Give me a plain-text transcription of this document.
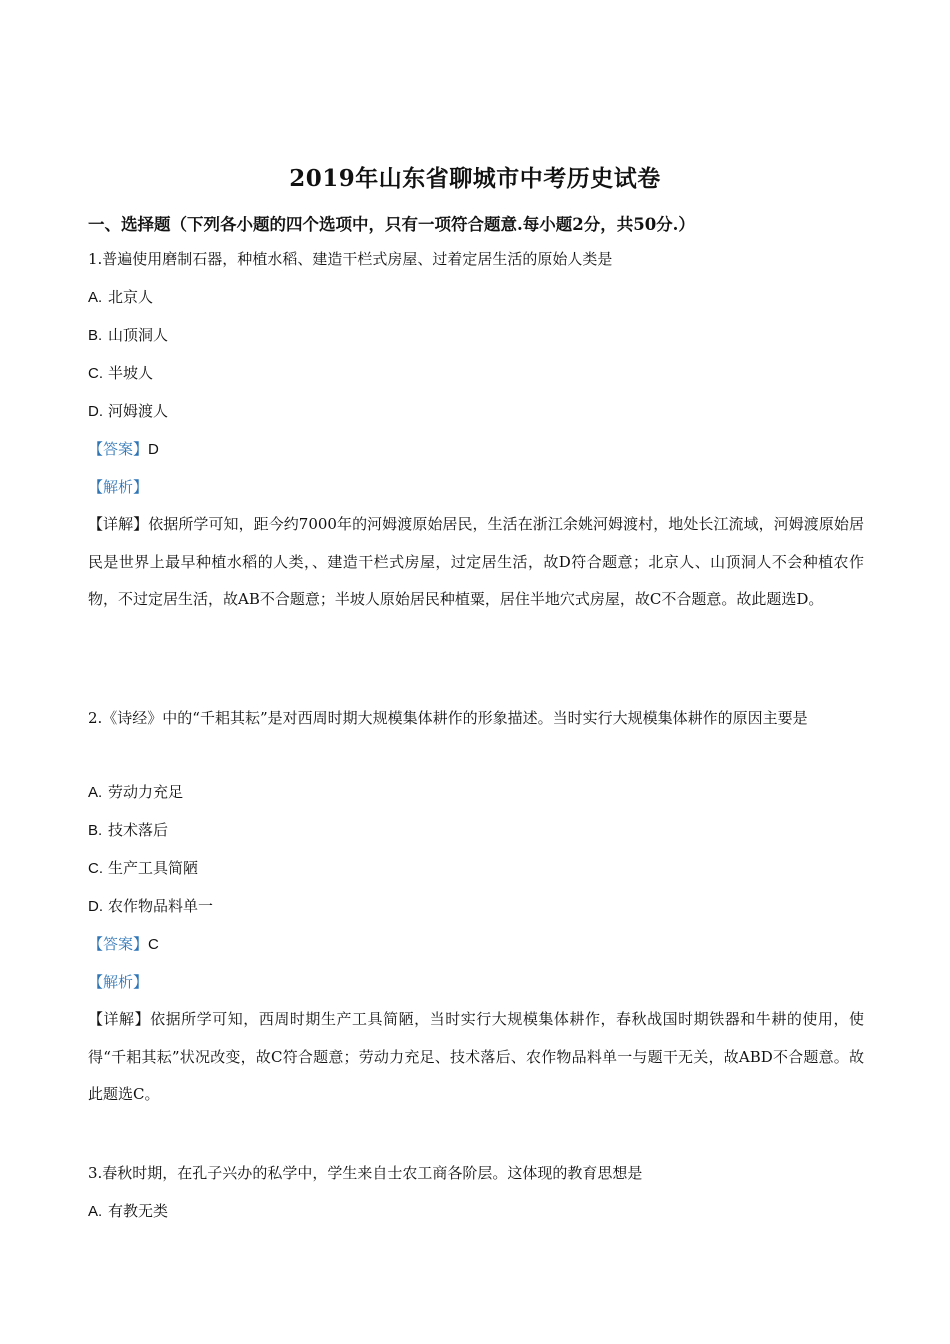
2019年山东省聊城市中考历史试卷
一、选择题（下列各小题的四个选项中，只有一项符合题意.每小题2分，共50分.）
1.普遍使用磨制石器，种植水稻、建造干栏式房屋、过着定居生活的原始人类是
A. 北京人
B. 山顶洞人
C. 半坡人
D. 河姆渡人
【答案】D
【解析】
【详解】依据所学可知，距今约7000年的河姆渡原始居民，生活在浙江余姚河姆渡村，地处长江流域，河姆渡原始居民是世界上最早种植水稻的人类，、建造干栏式房屋，过定居生活，故D符合题意；北京人、山顶洞人不会种植农作物，不过定居生活，故AB不合题意；半坡人原始居民种植粟，居住半地穴式房屋，故C不合题意。故此题选D。
2.《诗经》中的“千耜其耘”是对西周时期大规模集体耕作的形象描述。当时实行大规模集体耕作的原因主要是
A. 劳动力充足
B. 技术落后
C. 生产工具简陋
D. 农作物品料单一
【答案】C
【解析】
【详解】依据所学可知，西周时期生产工具简陋，当时实行大规模集体耕作，春秋战国时期铁器和牛耕的使用，使得“千耜其耘”状况改变，故C符合题意；劳动力充足、技术落后、农作物品料单一与题干无关，故ABD不合题意。故此题选C。
3.春秋时期，在孔子兴办的私学中，学生来自士农工商各阶层。这体现的教育思想是
A. 有教无类
